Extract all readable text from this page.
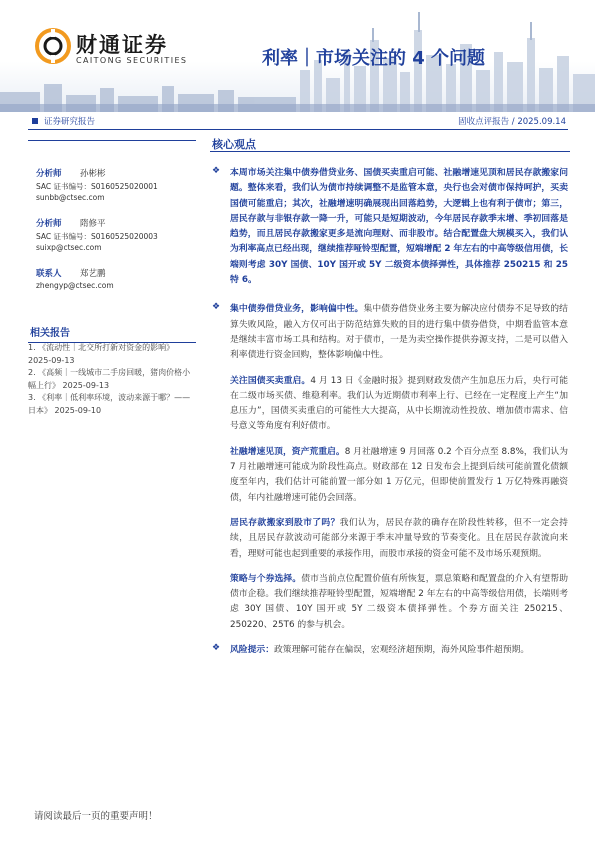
财通证券
CAITONG SECURITIES	利率｜市场关注的 4 个问题
证券研究报告	固收点评报告 / 2025.09.14
分析师 孙彬彬
SAC 证书编号：S0160525020001
sunbb@ctsec.com
分析师 隋修平
SAC 证书编号：S0160525020003
suixp@ctsec.com
联系人 郑艺鹏
zhengyp@ctsec.com
相关报告
1. 《流动性｜北交所打新对资金的影响》 2025-09-13
2. 《高频｜一线城市二手房回暖，猪肉价格小幅上行》 2025-09-13
3. 《利率｜低利率环境，波动来源于哪？——日本》 2025-09-10
请阅读最后一页的重要声明！
核心观点
❖ 本周市场关注集中债券借贷业务、国债买卖重启可能、社融增速见顶和居民存款搬家问题。整体来看，我们认为债市持续调整不是监管本意，央行也会对债市保持呵护，买卖国债可能重启；其次，社融增速明确展现出回落趋势，大逻辑上也有利于债市；第三，居民存款与非银存款一降一升，可能只是短期波动，今年居民存款季末增、季初回落是趋势，而且居民存款搬家更多是流向理财、而非股市。结合配置盘大规模买入，我们认为利率高点已经出现，继续推荐哑铃型配置，短端增配 2 年左右的中高等级信用债，长端则考虑 30Y 国债、10Y 国开或 5Y 二级资本债择弹性，具体推荐 250215 和 25 特 6。

❖ 集中债券借贷业务，影响偏中性。集中债券借贷业务主要为解决应付债券不足导致的结算失败风险，融入方仅可出于防范结算失败的目的进行集中债券借贷，中期看监管本意是继续丰富市场工具和结构。对于债市，一是为卖空操作提供券源支持，二是可以借入利率债进行资金回购，整体影响偏中性。

关注国债买卖重启。4 月 13 日《金融时报》提到财政发债产生加息压力后，央行可能在二级市场买债、维稳利率。我们认为近期债市利率上行、已经在一定程度上产生“加息压力”，国债买卖重启的可能性大大提高，从中长期流动性投放、增加债市需求、信号意义等角度有利好债市。

社融增速见顶，资产荒重启。8 月社融增速 9 月回落 0.2 个百分点至 8.8%，我们认为 7 月社融增速可能成为阶段性高点。财政部在 12 日发布会上提到后续可能前置化债额度至年内，我们估计可能前置一部分如 1 万亿元，但即使前置发行 1 万亿特殊再融资债，年内社融增速可能仍会回落。

居民存款搬家到股市了吗？我们认为，居民存款的确存在阶段性转移，但不一定会持续，且居民存款波动可能部分来源于季末冲量导致的节奏变化。且在居民存款流向来看，理财可能也起到重要的承接作用，而股市承接的资金可能不及市场乐观预期。

策略与个券选择。债市当前点位配置价值有所恢复，票息策略和配置盘的介入有望帮助债市企稳。我们继续推荐哑铃型配置，短端增配 2 年左右的中高等级信用债，长端则考虑 30Y 国债、10Y 国开或 5Y 二级资本债择弹性。个券方面关注 250215、250220、25T6 的参与机会。

❖ 风险提示：政策理解可能存在偏误，宏观经济超预期，海外风险事件超预期。
